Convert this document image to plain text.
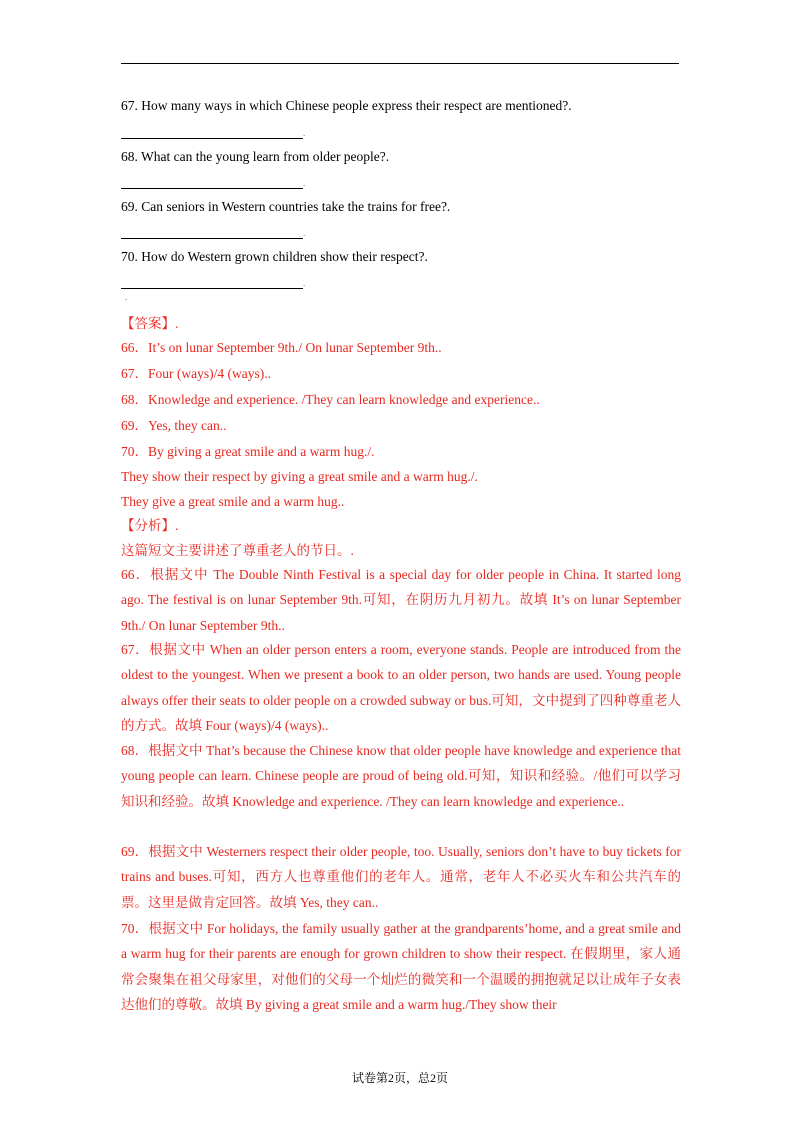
67. How many ways in which Chinese people express their respect are mentioned?.
.
68. What can the young learn from older people?.
.
69. Can seniors in Western countries take the trains for free?.
.
70. How do Western grown children show their respect?.
.
.
【答案】.
66．It’s on lunar September 9th./ On lunar September 9th..
67．Four (ways)/4 (ways)..
68．Knowledge and experience. /They can learn knowledge and experience..
69．Yes, they can..
70．By giving a great smile and a warm hug./.
They show their respect by giving a great smile and a warm hug./.
They give a great smile and a warm hug..
【分析】.
这篇短文主要讲述了尊重老人的节日。.
66．根据文中 The Double Ninth Festival is a special day for older people in China. It started long ago. The festival is on lunar September 9th.可知，在阴历九月初九。故填 It’s on lunar September 9th./ On lunar September 9th..
67．根据文中 When an older person enters a room, everyone stands. People are introduced from the oldest to the youngest. When we present a book to an older person, two hands are used. Young people always offer their seats to older people on a crowded subway or bus.可知，文中提到了四种尊重老人的方式。故填 Four (ways)/4 (ways)..
68．根据文中 That’s because the Chinese know that older people have knowledge and experience that young people can learn. Chinese people are proud of being old.可知，知识和经验。/他们可以学习知识和经验。故填 Knowledge and experience. /They can learn knowledge and experience..
69．根据文中 Westerners respect their older people, too. Usually, seniors don’t have to buy tickets for trains and buses.可知，西方人也尊重他们的老年人。通常，老年人不必买火车和公共汽车的票。这里是做肯定回答。故填 Yes, they can..
70．根据文中 For holidays, the family usually gather at the grandparents’home, and a great smile and a warm hug for their parents are enough for grown children to show their respect. 在假期里，家人通常会聚集在祖父母家里，对他们的父母一个灿烂的微笑和一个温暖的拥抱就足以让成年子女表达他们的尊敬。故填 By giving a great smile and a warm hug./They show their
试卷第2页，总2页
